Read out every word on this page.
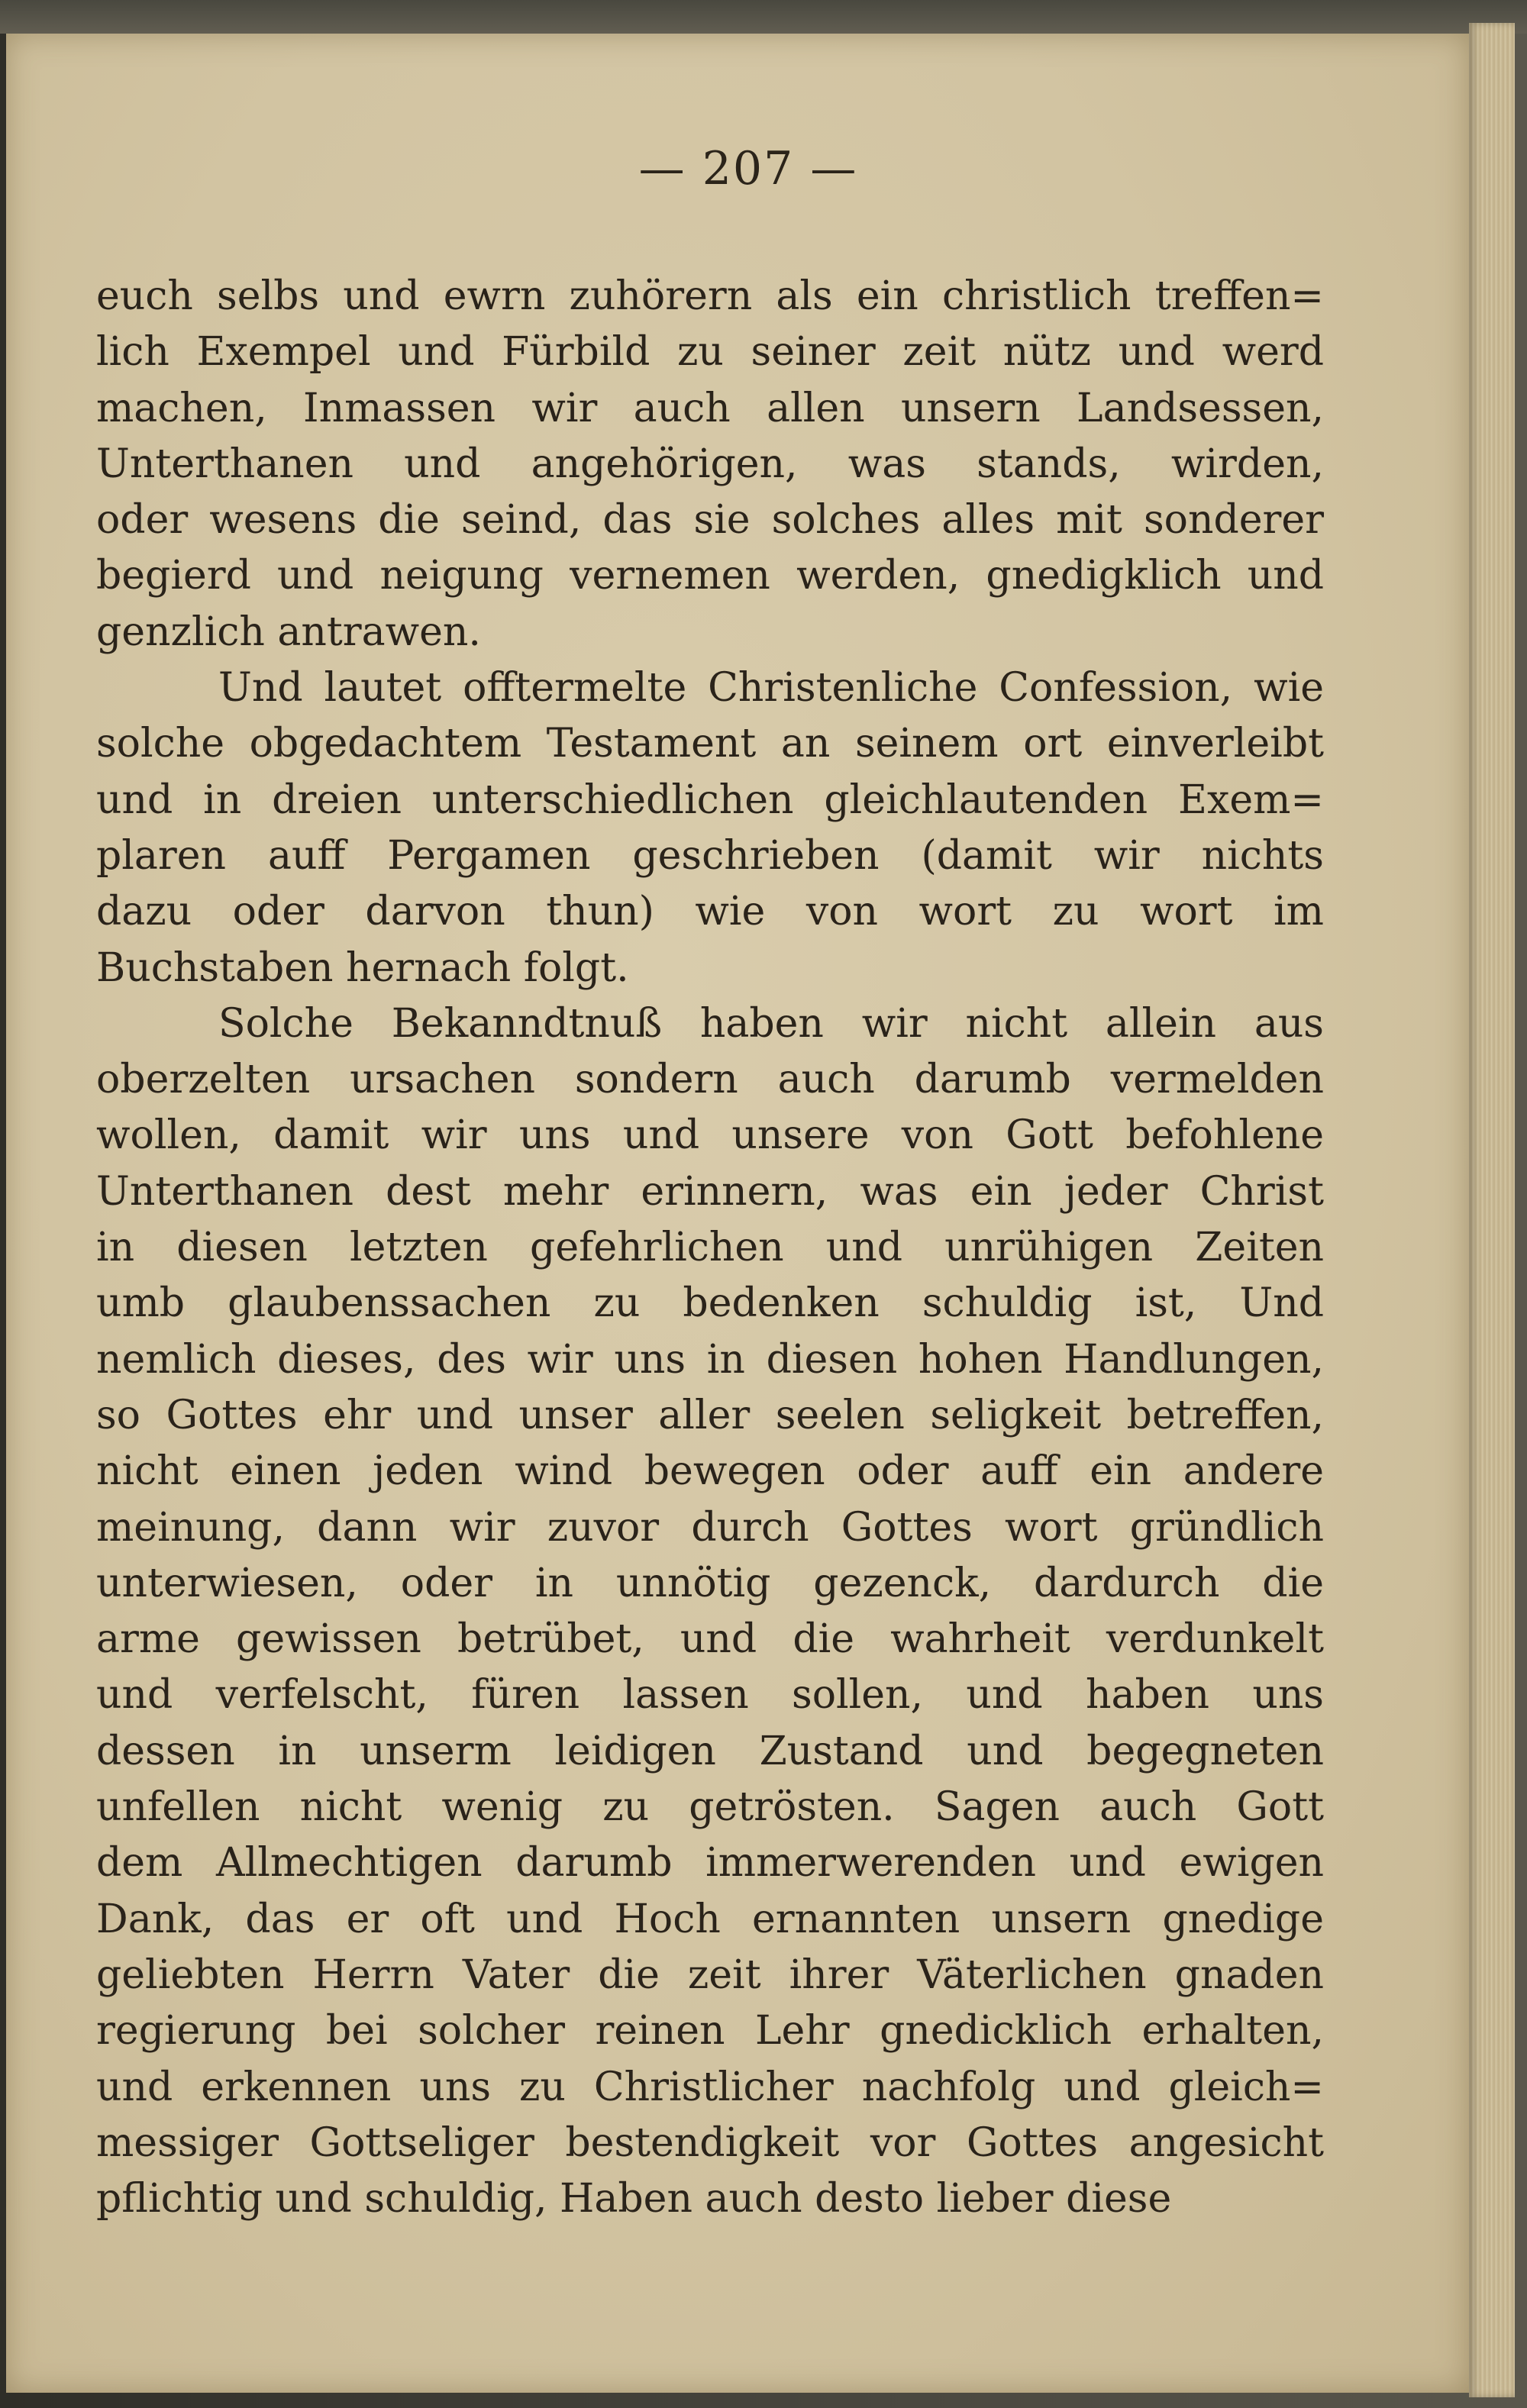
— 207 —
euch selbs und ewrn zuhörern als ein christlich treffen=
lich Exempel und Fürbild zu seiner zeit nütz und werd
machen, Inmassen wir auch allen unsern Landsessen,
Unterthanen und angehörigen, was stands, wirden,
oder wesens die seind, das sie solches alles mit sonderer
begierd und neigung vernemen werden, gnedigklich und
genzlich antrawen.
Und lautet offtermelte Christenliche Confession, wie
solche obgedachtem Testament an seinem ort einverleibt
und in dreien unterschiedlichen gleichlautenden Exem=
plaren auff Pergamen geschrieben (damit wir nichts
dazu oder darvon thun) wie von wort zu wort im
Buchstaben hernach folgt.
Solche Bekanndtnuß haben wir nicht allein aus
oberzelten ursachen sondern auch darumb vermelden
wollen, damit wir uns und unsere von Gott befohlene
Unterthanen dest mehr erinnern, was ein jeder Christ
in diesen letzten gefehrlichen und unrühigen Zeiten
umb glaubenssachen zu bedenken schuldig ist, Und
nemlich dieses, des wir uns in diesen hohen Handlungen,
so Gottes ehr und unser aller seelen seligkeit betreffen,
nicht einen jeden wind bewegen oder auff ein andere
meinung, dann wir zuvor durch Gottes wort gründlich
unterwiesen, oder in unnötig gezenck, dardurch die
arme gewissen betrübet, und die wahrheit verdunkelt
und verfelscht, füren lassen sollen, und haben uns
dessen in unserm leidigen Zustand und begegneten
unfellen nicht wenig zu getrösten. Sagen auch Gott
dem Allmechtigen darumb immerwerenden und ewigen
Dank, das er oft und Hoch ernannten unsern gnedige
geliebten Herrn Vater die zeit ihrer Väterlichen gnaden
regierung bei solcher reinen Lehr gnedicklich erhalten,
und erkennen uns zu Christlicher nachfolg und gleich=
messiger Gottseliger bestendigkeit vor Gottes angesicht
pflichtig und schuldig, Haben auch desto lieber diese
